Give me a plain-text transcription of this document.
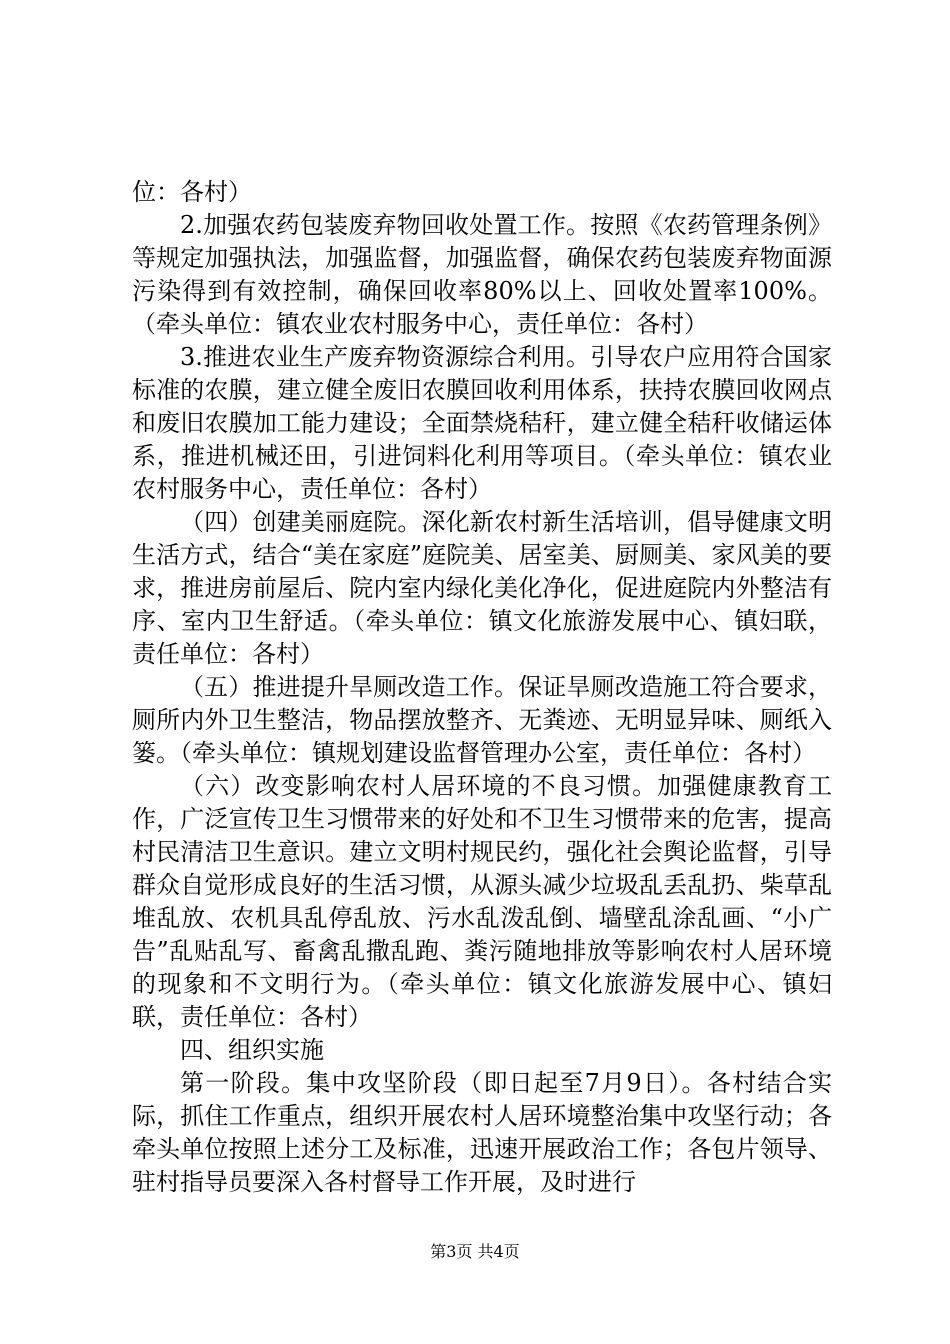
位：各村）

2.加强农药包装废弃物回收处置工作。按照《农药管理条例》等规定加强执法，加强监督，加强监督，确保农药包装废弃物面源污染得到有效控制，确保回收率80%以上、回收处置率100%。（牵头单位：镇农业农村服务中心，责任单位：各村）

3.推进农业生产废弃物资源综合利用。引导农户应用符合国家标准的农膜，建立健全废旧农膜回收利用体系，扶持农膜回收网点和废旧农膜加工能力建设；全面禁烧秸秆，建立健全秸秆收储运体系，推进机械还田，引进饲料化利用等项目。（牵头单位：镇农业农村服务中心，责任单位：各村）

（四）创建美丽庭院。深化新农村新生活培训，倡导健康文明生活方式，结合“美在家庭”庭院美、居室美、厨厕美、家风美的要求，推进房前屋后、院内室内绿化美化净化，促进庭院内外整洁有序、室内卫生舒适。（牵头单位：镇文化旅游发展中心、镇妇联，责任单位：各村）

（五）推进提升旱厕改造工作。保证旱厕改造施工符合要求，厕所内外卫生整洁，物品摆放整齐、无粪迹、无明显异味、厕纸入篓。（牵头单位：镇规划建设监督管理办公室，责任单位：各村）

（六）改变影响农村人居环境的不良习惯。加强健康教育工作，广泛宣传卫生习惯带来的好处和不卫生习惯带来的危害，提高村民清洁卫生意识。建立文明村规民约，强化社会舆论监督，引导群众自觉形成良好的生活习惯，从源头减少垃圾乱丢乱扔、柴草乱堆乱放、农机具乱停乱放、污水乱泼乱倒、墙壁乱涂乱画、“小广告”乱贴乱写、畜禽乱撒乱跑、粪污随地排放等影响农村人居环境的现象和不文明行为。（牵头单位：镇文化旅游发展中心、镇妇联，责任单位：各村）

四、组织实施

第一阶段。集中攻坚阶段（即日起至7月9日）。各村结合实际，抓住工作重点，组织开展农村人居环境整治集中攻坚行动；各牵头单位按照上述分工及标准，迅速开展政治工作；各包片领导、驻村指导员要深入各村督导工作开展，及时进行

第3页 共4页
